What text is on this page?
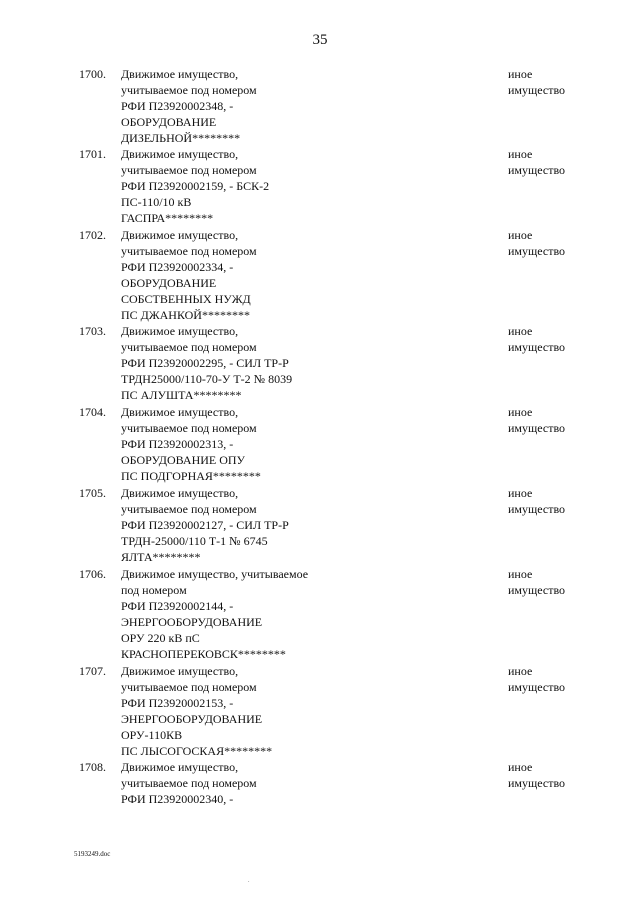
35
1700. Движимое имущество,
учитываемое под номером
РФИ П23920002348, -
ОБОРУДОВАНИЕ
ДИЗЕЛЬНОЙ********
иное
имущество
1701. Движимое имущество,
учитываемое под номером
РФИ П23920002159, - БСК-2
ПС-110/10 кВ
ГАСПРА********
иное
имущество
1702. Движимое имущество,
учитываемое под номером
РФИ П23920002334, -
ОБОРУДОВАНИЕ
СОБСТВЕННЫХ НУЖД
ПС ДЖАНКОЙ********
иное
имущество
1703. Движимое имущество,
учитываемое под номером
РФИ П23920002295, - СИЛ ТР-Р
ТРДН25000/110-70-У Т-2 № 8039
ПС АЛУШТА********
иное
имущество
1704. Движимое имущество,
учитываемое под номером
РФИ П23920002313, -
ОБОРУДОВАНИЕ ОПУ
ПС ПОДГОРНАЯ********
иное
имущество
1705. Движимое имущество,
учитываемое под номером
РФИ П23920002127, - СИЛ ТР-Р
ТРДН-25000/110 Т-1 № 6745
ЯЛТА********
иное
имущество
1706. Движимое имущество, учитываемое
под номером
РФИ П23920002144, -
ЭНЕРГООБОРУДОВАНИЕ
ОРУ 220 кВ пС
КРАСНОПЕРЕКОВСК********
иное
имущество
1707. Движимое имущество,
учитываемое под номером
РФИ П23920002153, -
ЭНЕРГООБОРУДОВАНИЕ
ОРУ-110КВ
ПС ЛЫСОГОСКАЯ********
иное
имущество
1708. Движимое имущество,
учитываемое под номером
РФИ П23920002340, -
иное
имущество
5193249.doc
.
